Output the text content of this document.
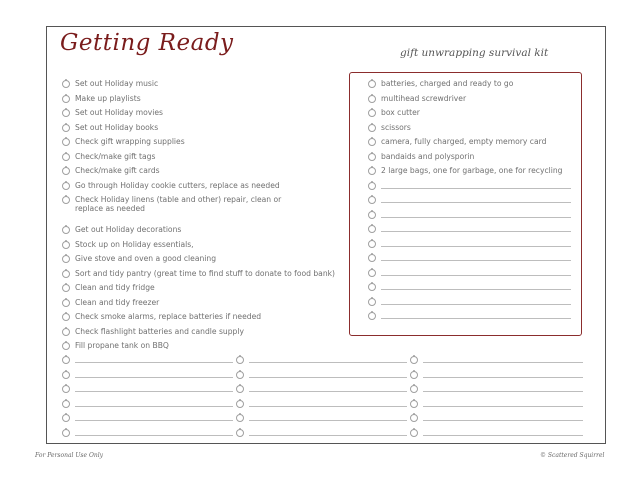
Getting Ready	gift unwrapping survival kit
Set out Holiday music
Make up playlists
Set out Holiday movies
Set out Holiday books
Check gift wrapping supplies
Check/make gift tags
Check/make gift cards
Go through Holiday cookie cutters, replace as needed
Check Holiday linens (table and other) repair, clean or replace as needed
Get out Holiday decorations
Stock up on Holiday essentials,
Give stove and oven a good cleaning
Sort and tidy pantry (great time to find stuff to donate to food bank)
Clean and tidy fridge
Clean and tidy freezer
Check smoke alarms, replace batteries if needed
Check flashlight batteries and candle supply
Fill propane tank on BBQ
batteries, charged and ready to go
multihead screwdriver
box cutter
scissors
camera, fully charged, empty memory card
bandaids and polysporin
2 large bags, one for garbage, one for recycling
For Personal Use Only	© Scattered Squirrel
